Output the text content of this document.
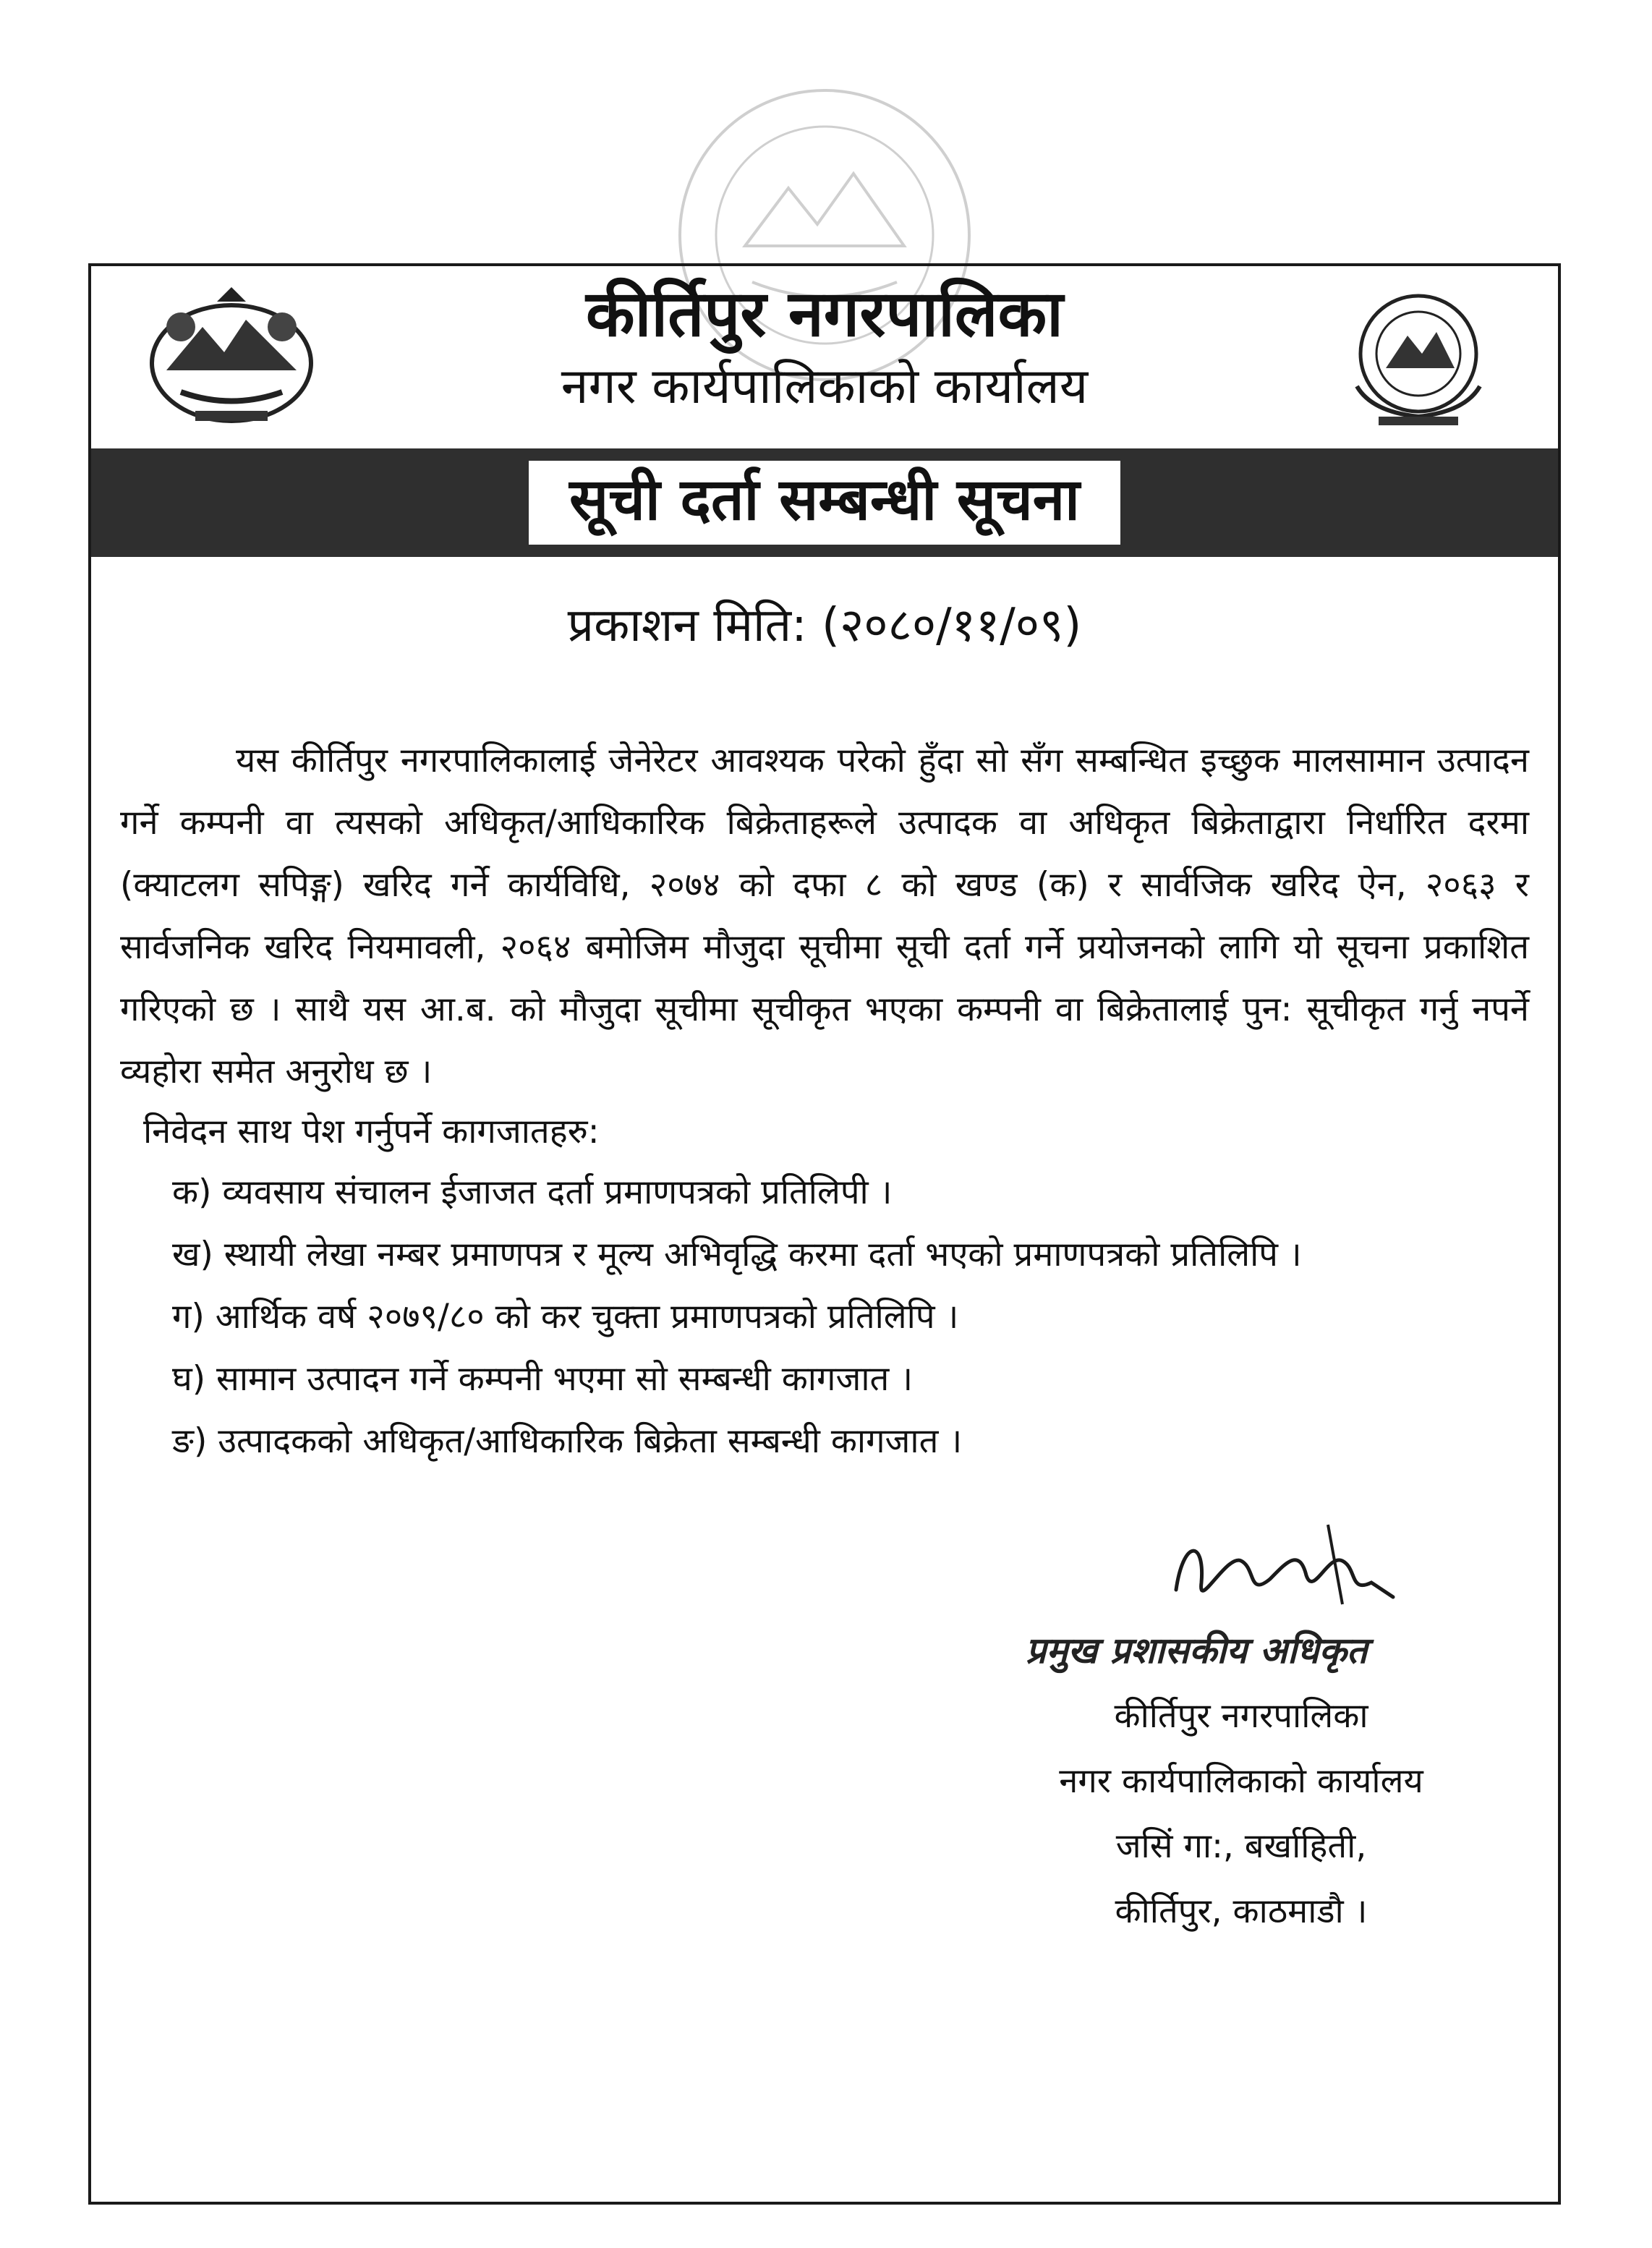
कीर्तिपुर नगरपालिका
नगर कार्यपालिकाको कार्यालय
सूची दर्ता सम्बन्धी सूचना
प्रकाशन मिति: (२०८०/११/०९)

यस कीर्तिपुर नगरपालिकालाई जेनेरेटर आवश्यक परेको हुँदा सो सँग सम्बन्धित इच्छुक मालसामान उत्पादन गर्ने कम्पनी वा त्यसको अधिकृत/आधिकारिक बिक्रेताहरूले उत्पादक वा अधिकृत बिक्रेताद्वारा निर्धारित दरमा (क्याटलग सपिङ्ग) खरिद गर्ने कार्यविधि, २०७४ को दफा ८ को खण्ड (क) र सार्वजिक खरिद ऐन, २०६३ र सार्वजनिक खरिद नियमावली, २०६४ बमोजिम मौजुदा सूचीमा सूची दर्ता गर्ने प्रयोजनको लागि यो सूचना प्रकाशित गरिएको छ । साथै यस आ.ब. को मौजुदा सूचीमा सूचीकृत भएका कम्पनी वा बिक्रेतालाई पुन: सूचीकृत गर्नु नपर्ने व्यहोरा समेत अनुरोध छ ।

निवेदन साथ पेश गर्नुपर्ने कागजातहरु:
क) व्यवसाय संचालन ईजाजत दर्ता प्रमाणपत्रको प्रतिलिपी ।
ख) स्थायी लेखा नम्बर प्रमाणपत्र र मूल्य अभिवृद्धि करमा दर्ता भएको प्रमाणपत्रको प्रतिलिपि ।
ग) आर्थिक वर्ष २०७९/८० को कर चुक्ता प्रमाणपत्रको प्रतिलिपि ।
घ) सामान उत्पादन गर्ने कम्पनी भएमा सो सम्बन्धी कागजात ।
ङ) उत्पादकको अधिकृत/आधिकारिक बिक्रेता सम्बन्धी कागजात ।
प्रमुख प्रशासकीय अधिकृत
कीर्तिपुर नगरपालिका
नगर कार्यपालिकाको कार्यालय
जसिं गा:, बर्खाहिती,
कीर्तिपुर, काठमाडौ ।
